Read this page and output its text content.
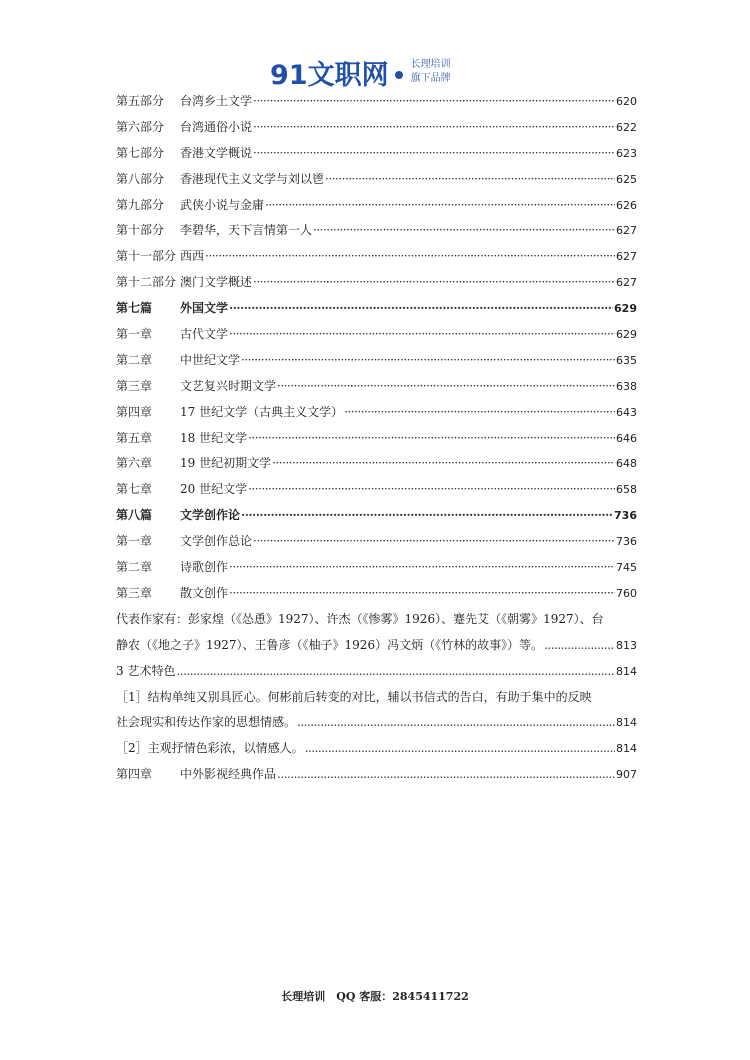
91文职网 长理培训
旗下品牌
第五部分	台湾乡土文学 ·····	620
第六部分	台湾通俗小说 ·····	622
第七部分	香港文学概说 ·····	623
第八部分	香港现代主义文学与刘以鬯 ·····	625
第九部分	武侠小说与金庸 ·····	626
第十部分	李碧华，天下言情第一人 ·····	627
第十一部分 西西 ·····	627
第十二部分 澳门文学概述 ·····	627
第七篇	外国文学 ·····	629
第一章	古代文学 ·····	629
第二章	中世纪文学 ·····	635
第三章	文艺复兴时期文学 ·····	638
第四章	17 世纪文学（古典主义文学） ·····	643
第五章	18 世纪文学 ·····	646
第六章	19 世纪初期文学 ·····	648
第七章	20 世纪文学 ·····	658
第八篇	文学创作论 ·····	736
第一章	文学创作总论 ·····	736
第二章	诗歌创作 ·····	745
第三章	散文创作 ·····	760
代表作家有：彭家煌（《怂恿》1927）、许杰（《惨雾》1926）、蹇先艾（《朝雾》1927）、台
静农（《地之子》1927）、王鲁彦（《柚子》1926）冯文炳（《竹林的故事》）等。 .....	813
3 艺术特色 .....	814
［1］结构单纯又别具匠心。何彬前后转变的对比，辅以书信式的告白，有助于集中的反映
社会现实和传达作家的思想情感。 .....	814
［2］主观抒情色彩浓，以情感人。 .....	814
第四章	中外影视经典作品 .....	907
长理培训　QQ 客服：2845411722
